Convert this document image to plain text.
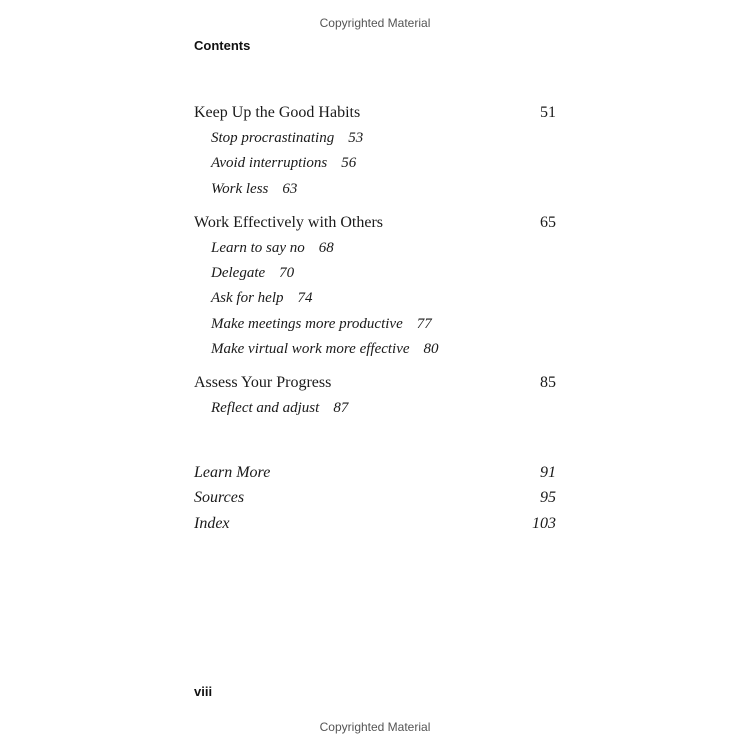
Copyrighted Material
Contents
Keep Up the Good Habits	51
Stop procrastinating 53
Avoid interruptions 56
Work less 63
Work Effectively with Others	65
Learn to say no 68
Delegate 70
Ask for help 74
Make meetings more productive 77
Make virtual work more effective 80
Assess Your Progress	85
Reflect and adjust 87
Learn More	91
Sources	95
Index	103
viii
Copyrighted Material
